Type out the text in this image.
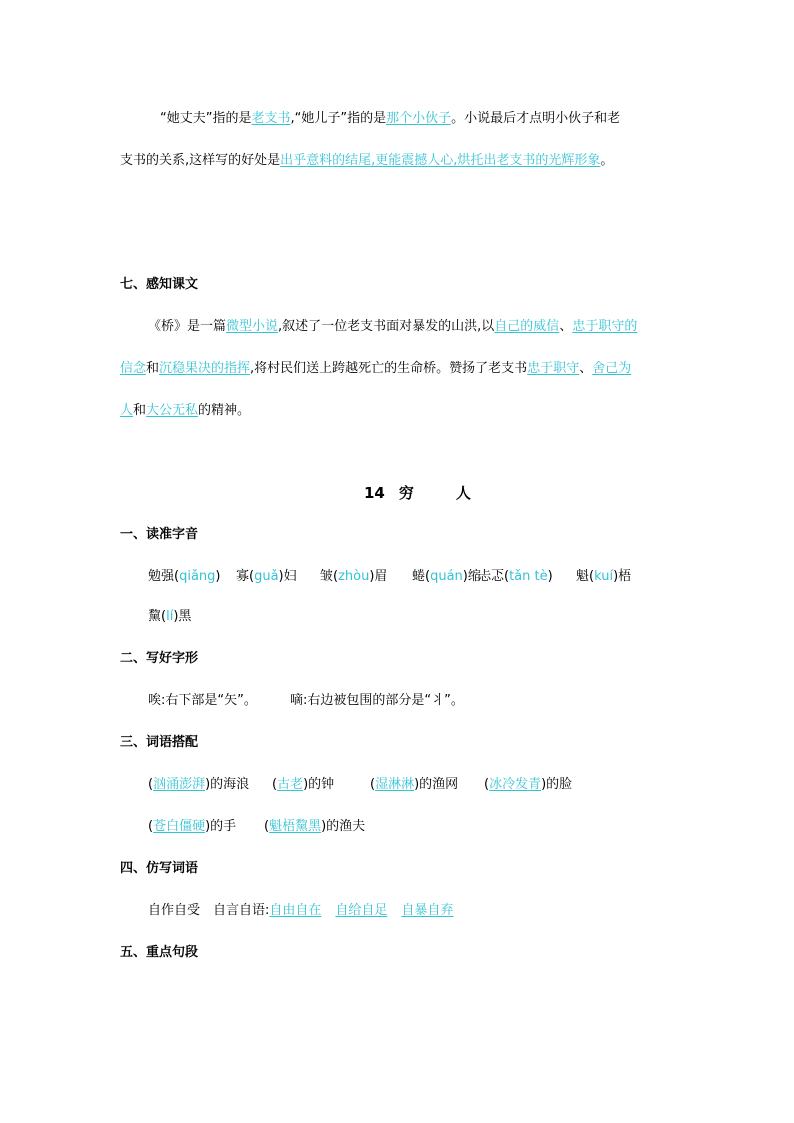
“她丈夫”指的是老支书,“她儿子”指的是那个小伙子。小说最后才点明小伙子和老
支书的关系,这样写的好处是出乎意料的结尾,更能震撼人心,烘托出老支书的光辉形象。
七、感知课文
《桥》是一篇微型小说,叙述了一位老支书面对暴发的山洪,以自己的威信、忠于职守的
信念和沉稳果决的指挥,将村民们送上跨越死亡的生命桥。赞扬了老支书忠于职守、舍己为
人和大公无私的精神。
14 穷	人
一、读准字音
勉强(qiǎng) 寡(guǎ)妇 皱(zhòu)眉 蜷(quán)缩
忐忑(tǎn tè) 魁(kuí)梧
黧(lí)黑
二、写好字形
唉:右下部是“矢”。	嘀:右边被包围的部分是“丬”。
三、词语搭配
(汹涌澎湃)的海浪 (古老)的钟	(湿淋淋)的渔网 (冰冷发青)的脸
(苍白僵硬)的手 (魁梧黧黑)的渔夫
四、仿写词语
自作自受　自言自语:自由自在 自给自足 自暴自弃
五、重点句段
